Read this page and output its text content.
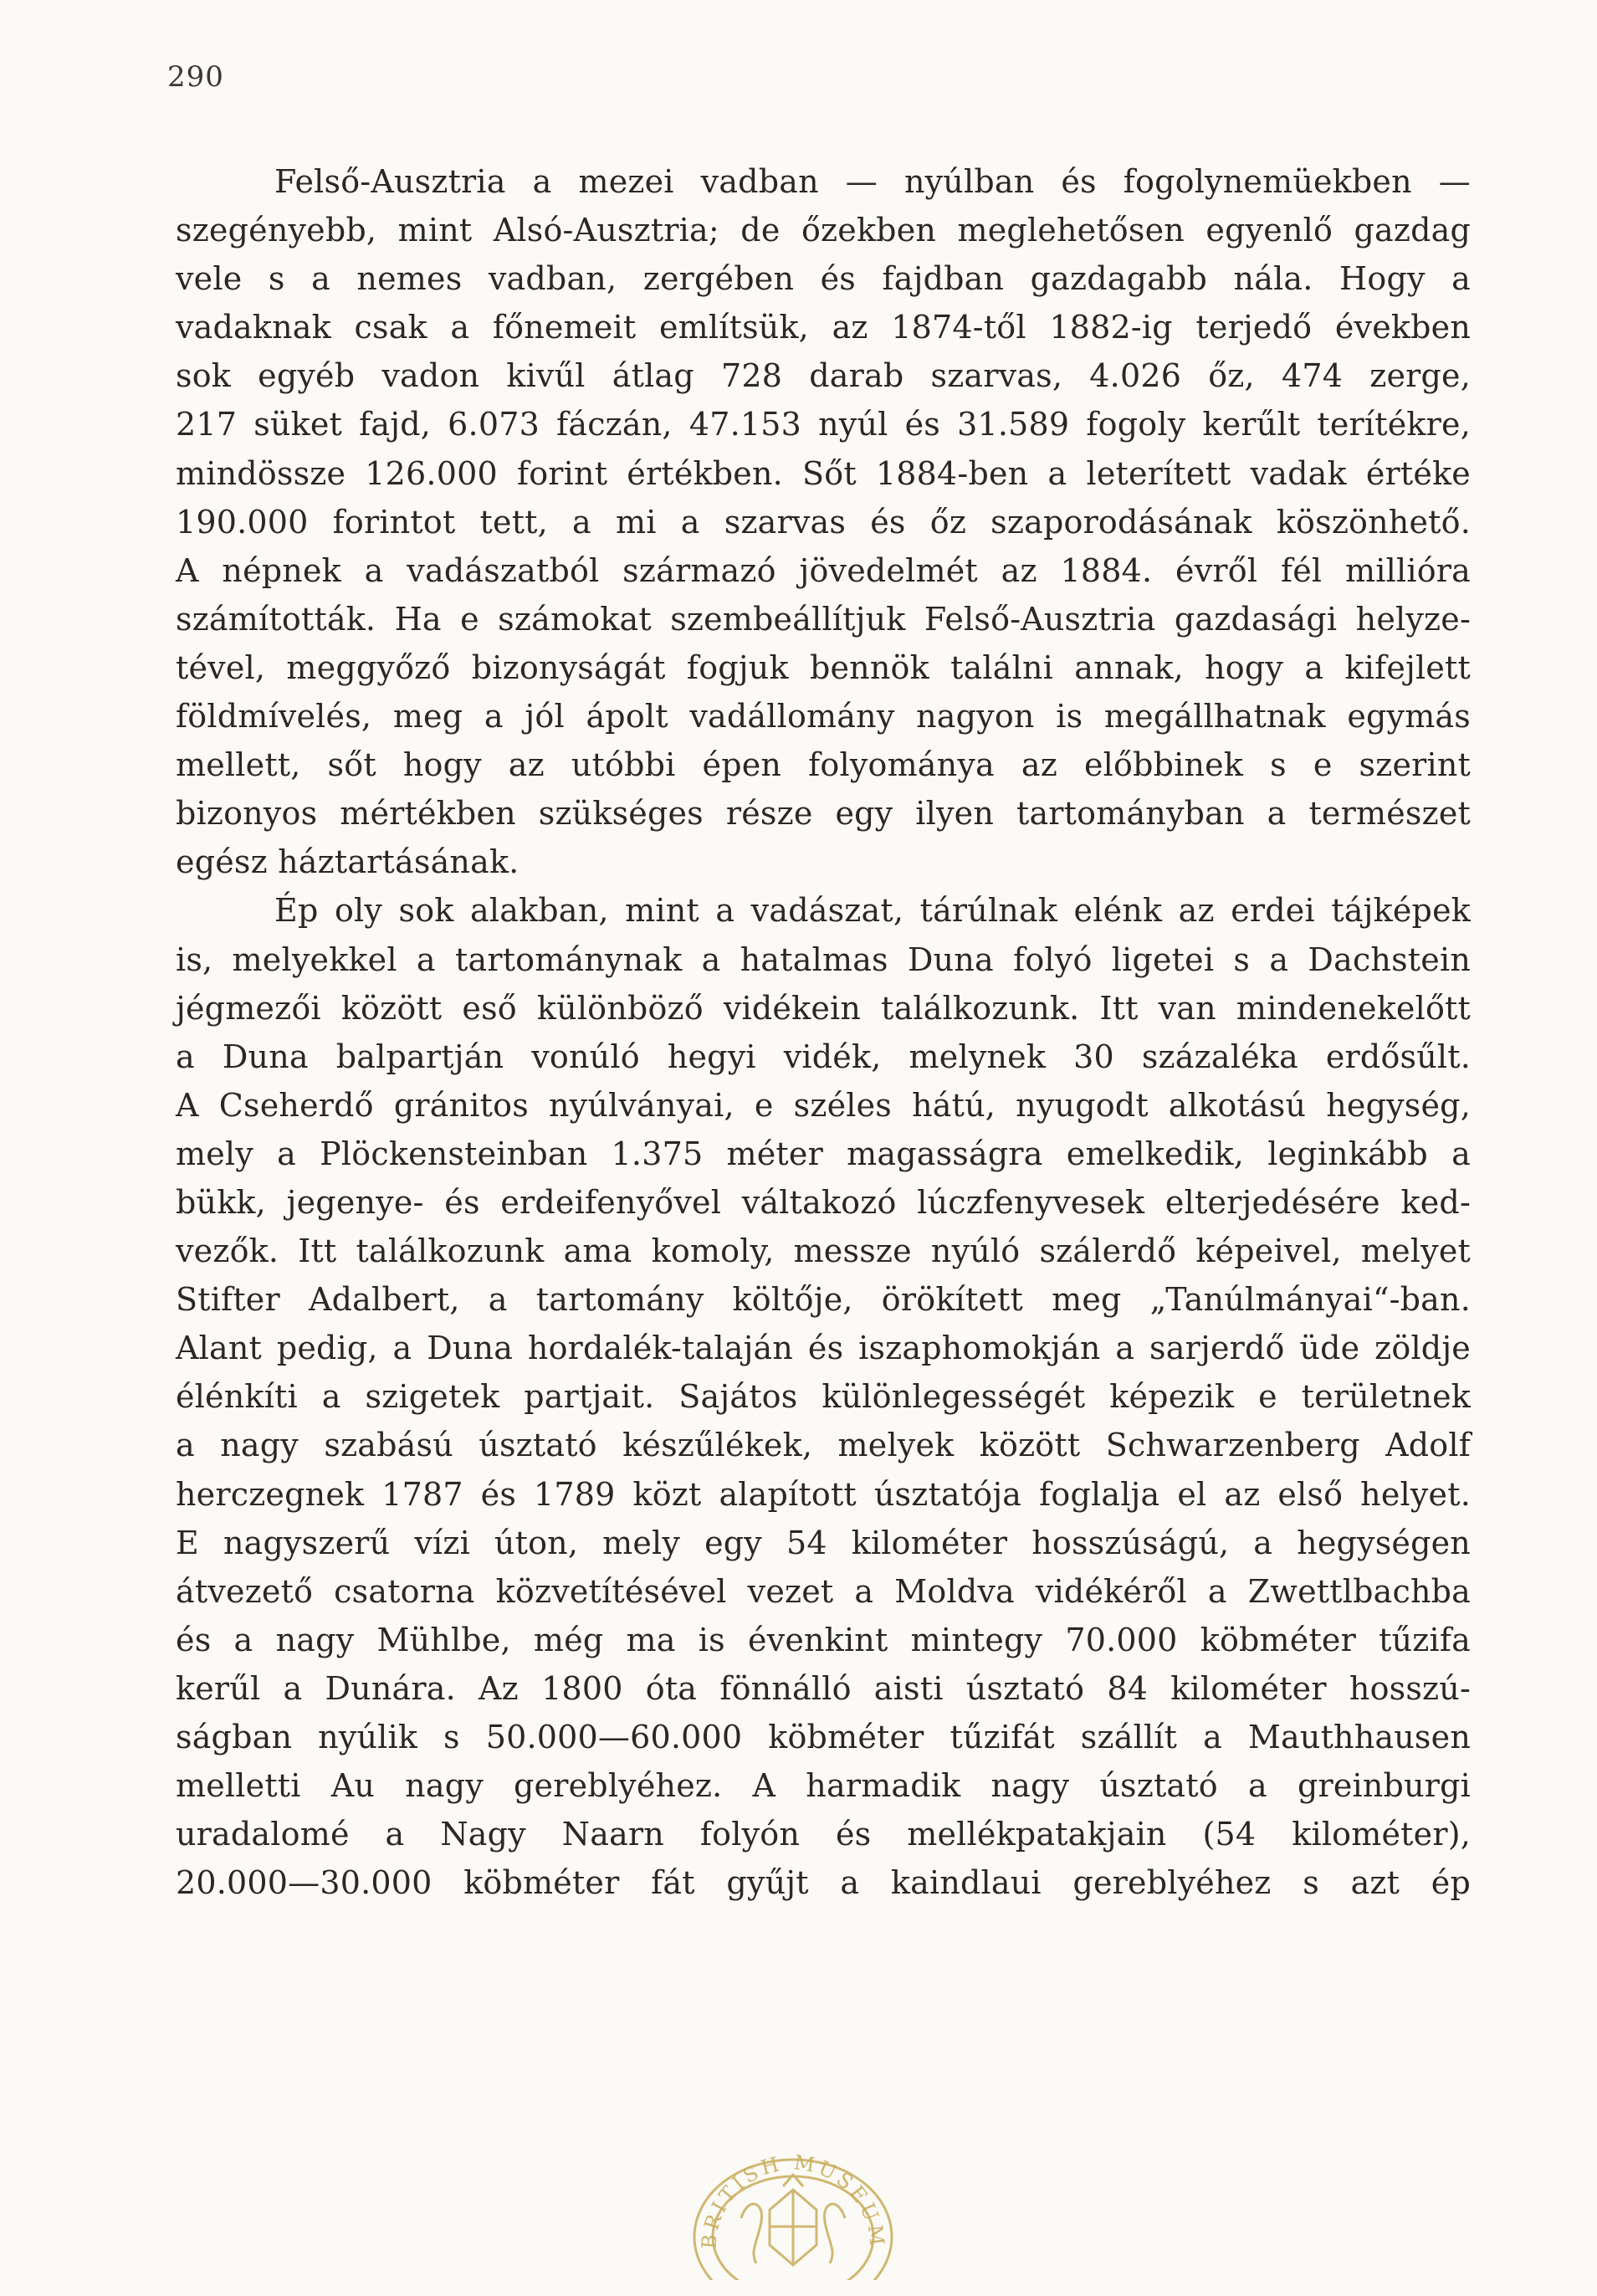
290
Felső-Ausztria a mezei vadban — nyúlban és fogolynemüekben —
szegényebb, mint Alsó-Ausztria; de őzekben meglehetősen egyenlő gazdag
vele s a nemes vadban, zergében és fajdban gazdagabb nála. Hogy a
vadaknak csak a főnemeit említsük, az 1874-től 1882-ig terjedő években
sok egyéb vadon kivűl átlag 728 darab szarvas, 4.026 őz, 474 zerge,
217 süket fajd, 6.073 fáczán, 47.153 nyúl és 31.589 fogoly kerűlt terítékre,
mindössze 126.000 forint értékben. Sőt 1884-ben a leterített vadak értéke
190.000 forintot tett, a mi a szarvas és őz szaporodásának köszönhető.
A népnek a vadászatból származó jövedelmét az 1884. évről fél millióra
számították. Ha e számokat szembeállítjuk Felső-Ausztria gazdasági helyze-
tével, meggyőző bizonyságát fogjuk bennök találni annak, hogy a kifejlett
földmívelés, meg a jól ápolt vadállomány nagyon is megállhatnak egymás
mellett, sőt hogy az utóbbi épen folyománya az előbbinek s e szerint
bizonyos mértékben szükséges része egy ilyen tartományban a természet
egész háztartásának.
Ép oly sok alakban, mint a vadászat, tárúlnak elénk az erdei tájképek
is, melyekkel a tartománynak a hatalmas Duna folyó ligetei s a Dachstein
jégmezői között eső különböző vidékein találkozunk. Itt van mindenekelőtt
a Duna balpartján vonúló hegyi vidék, melynek 30 százaléka erdősűlt.
A Cseherdő gránitos nyúlványai, e széles hátú, nyugodt alkotású hegység,
mely a Plöckensteinban 1.375 méter magasságra emelkedik, leginkább a
bükk, jegenye- és erdeifenyővel váltakozó lúczfenyvesek elterjedésére ked-
vezők. Itt találkozunk ama komoly, messze nyúló szálerdő képeivel, melyet
Stifter Adalbert, a tartomány költője, örökített meg „Tanúlmányai“-ban.
Alant pedig, a Duna hordalék-talaján és iszaphomokján a sarjerdő üde zöldje
élénkíti a szigetek partjait. Sajátos különlegességét képezik e területnek
a nagy szabású úsztató készűlékek, melyek között Schwarzenberg Adolf
herczegnek 1787 és 1789 közt alapított úsztatója foglalja el az első helyet.
E nagyszerű vízi úton, mely egy 54 kilométer hosszúságú, a hegységen
átvezető csatorna közvetítésével vezet a Moldva vidékéről a Zwettlbachba
és a nagy Mühlbe, még ma is évenkint mintegy 70.000 köbméter tűzifa
kerűl a Dunára. Az 1800 óta fönnálló aisti úsztató 84 kilométer hosszú-
ságban nyúlik s 50.000—60.000 köbméter tűzifát szállít a Mauthhausen
melletti Au nagy gereblyéhez. A harmadik nagy úsztató a greinburgi
uradalomé a Nagy Naarn folyón és mellékpatakjain (54 kilométer),
20.000—30.000 köbméter fát gyűjt a kaindlaui gereblyéhez s azt ép
BRITISH MUSEUM
